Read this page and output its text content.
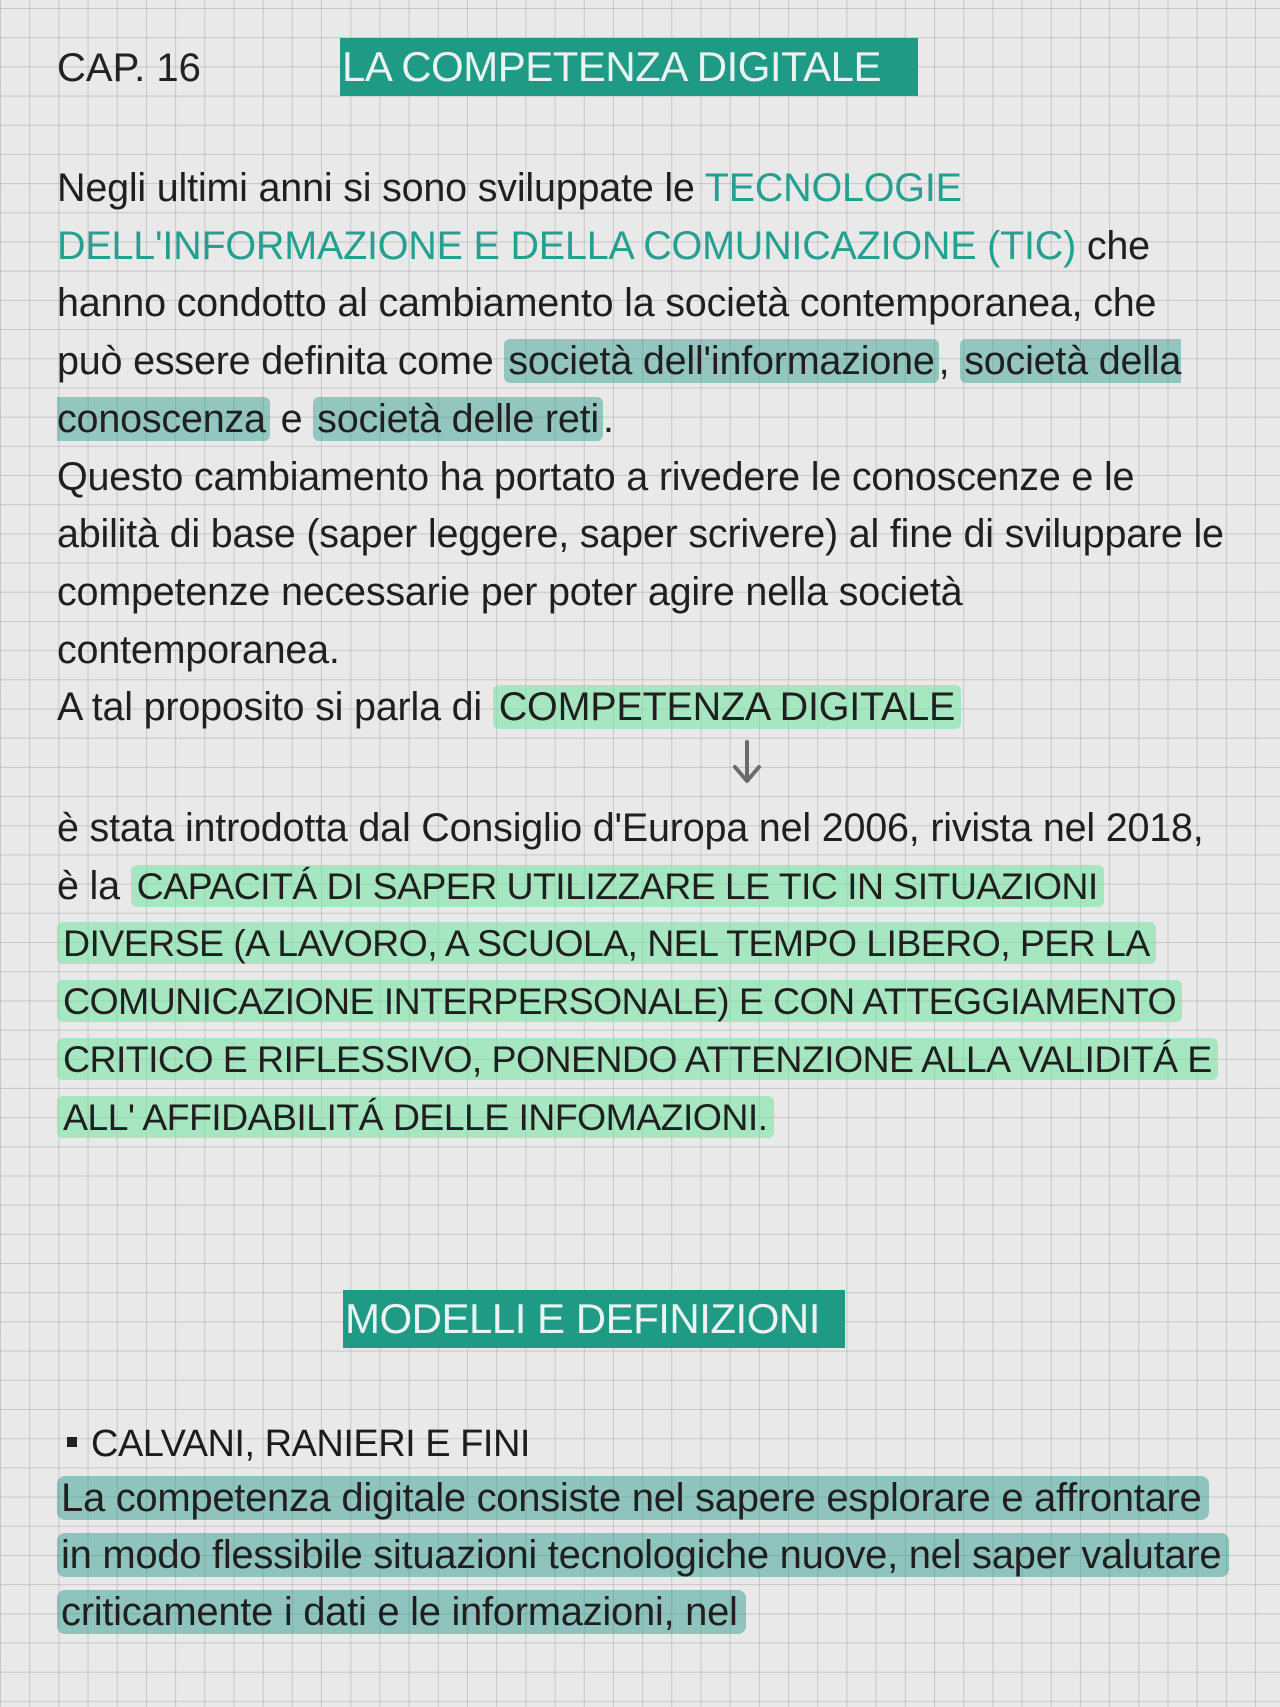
CAP. 16	LA COMPETENZA DIGITALE
Negli ultimi anni si sono sviluppate le TECNOLOGIE DELL'INFORMAZIONE E DELLA COMUNICAZIONE (TIC) che hanno condotto al cambiamento la società contemporanea, che può essere definita come società dell'informazione , società della conoscenza e società delle reti .
Questo cambiamento ha portato a rivedere le conoscenze e le abilità di base (saper leggere, saper scrivere) al fine di sviluppare le competenze necessarie per poter agire nella società contemporanea.
A tal proposito si parla di COMPETENZA DIGITALE
è stata introdotta dal Consiglio d'Europa nel 2006, rivista nel 2018, è la CAPACITÁ DI SAPER UTILIZZARE LE TIC IN SITUAZIONI DIVERSE (A LAVORO, A SCUOLA, NEL TEMPO LIBERO, PER LA COMUNICAZIONE INTERPERSONALE) E CON ATTEGGIAMENTO CRITICO E RIFLESSIVO, PONENDO ATTENZIONE ALLA VALIDITÁ E ALL' AFFIDABILITÁ DELLE INFOMAZIONI.
MODELLI E DEFINIZIONI
CALVANI, RANIERI E FINI
La competenza digitale consiste nel sapere esplorare e affrontare in modo flessibile situazioni tecnologiche nuove, nel saper valutare criticamente i dati e le informazioni, nel
